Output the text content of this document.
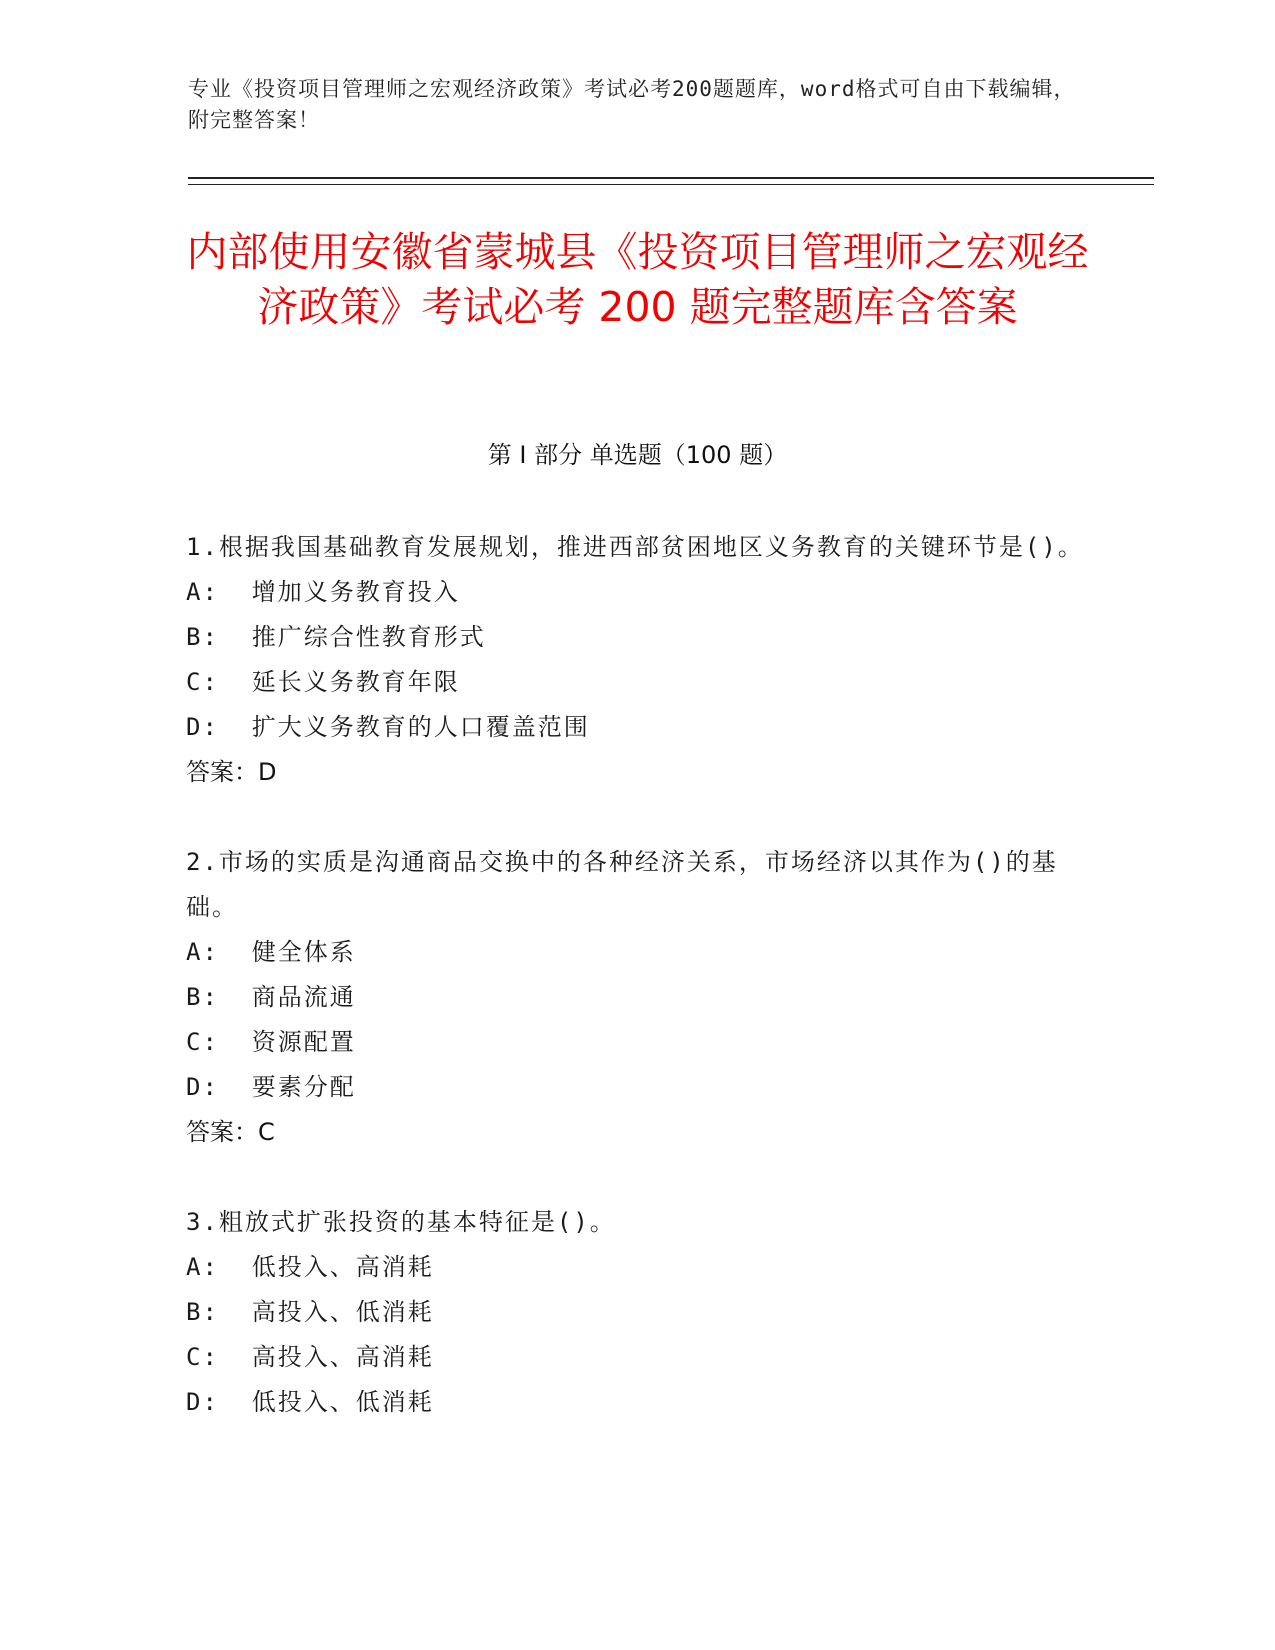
专业《投资项目管理师之宏观经济政策》考试必考200题题库，word格式可自由下载编辑，附完整答案！
内部使用安徽省蒙城县《投资项目管理师之宏观经济政策》考试必考 200 题完整题库含答案
第 I 部分 单选题（100 题）
1.根据我国基础教育发展规划，推进西部贫困地区义务教育的关键环节是()。
A:  增加义务教育投入
B:  推广综合性教育形式
C:  延长义务教育年限
D:  扩大义务教育的人口覆盖范围
答案：D
2.市场的实质是沟通商品交换中的各种经济关系，市场经济以其作为()的基础。
A:  健全体系
B:  商品流通
C:  资源配置
D:  要素分配
答案：C
3.粗放式扩张投资的基本特征是()。
A:  低投入、高消耗
B:  高投入、低消耗
C:  高投入、高消耗
D:  低投入、低消耗
